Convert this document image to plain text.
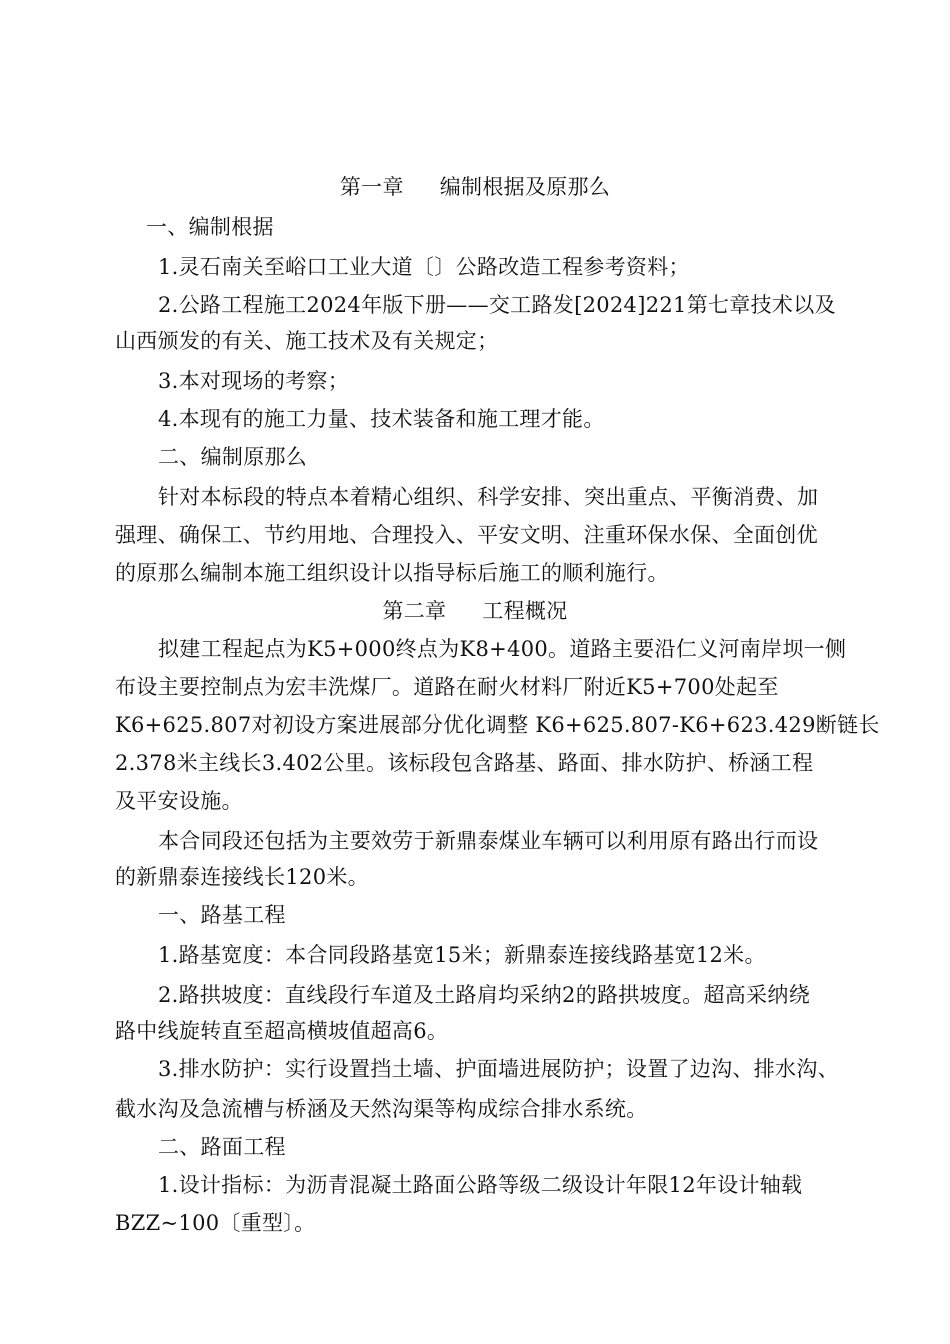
第一章 编制根据及原那么
一、编制根据
1.灵石南关至峪口工业大道〔〕公路改造工程参考资料；
2.公路工程施工2024年版下册——交工路发[2024]221第七章技术以及
山西颁发的有关、施工技术及有关规定；
3.本对现场的考察；
4.本现有的施工力量、技术装备和施工理才能。
二、编制原那么
针对本标段的特点本着精心组织、科学安排、突出重点、平衡消费、加
强理、确保工、节约用地、合理投入、平安文明、注重环保水保、全面创优
的原那么编制本施工组织设计以指导标后施工的顺利施行。
第二章 工程概况
拟建工程起点为K5+000终点为K8+400。道路主要沿仁义河南岸坝一侧
布设主要控制点为宏丰洗煤厂。道路在耐火材料厂附近K5+700处起至
K6+625.807对初设方案进展部分优化调整 K6+625.807-K6+623.429断链长
2.378米主线长3.402公里。该标段包含路基、路面、排水防护、桥涵工程
及平安设施。
本合同段还包括为主要效劳于新鼎泰煤业车辆可以利用原有路出行而设
的新鼎泰连接线长120米。
一、路基工程
1.路基宽度：本合同段路基宽15米；新鼎泰连接线路基宽12米。
2.路拱坡度：直线段行车道及土路肩均采纳2的路拱坡度。超高采纳绕
路中线旋转直至超高横坡值超高6。
3.排水防护：实行设置挡土墙、护面墙进展防护；设置了边沟、排水沟、
截水沟及急流槽与桥涵及天然沟渠等构成综合排水系统。
二、路面工程
1.设计指标：为沥青混凝土路面公路等级二级设计年限12年设计轴载
BZZ~100〔重型〕。
